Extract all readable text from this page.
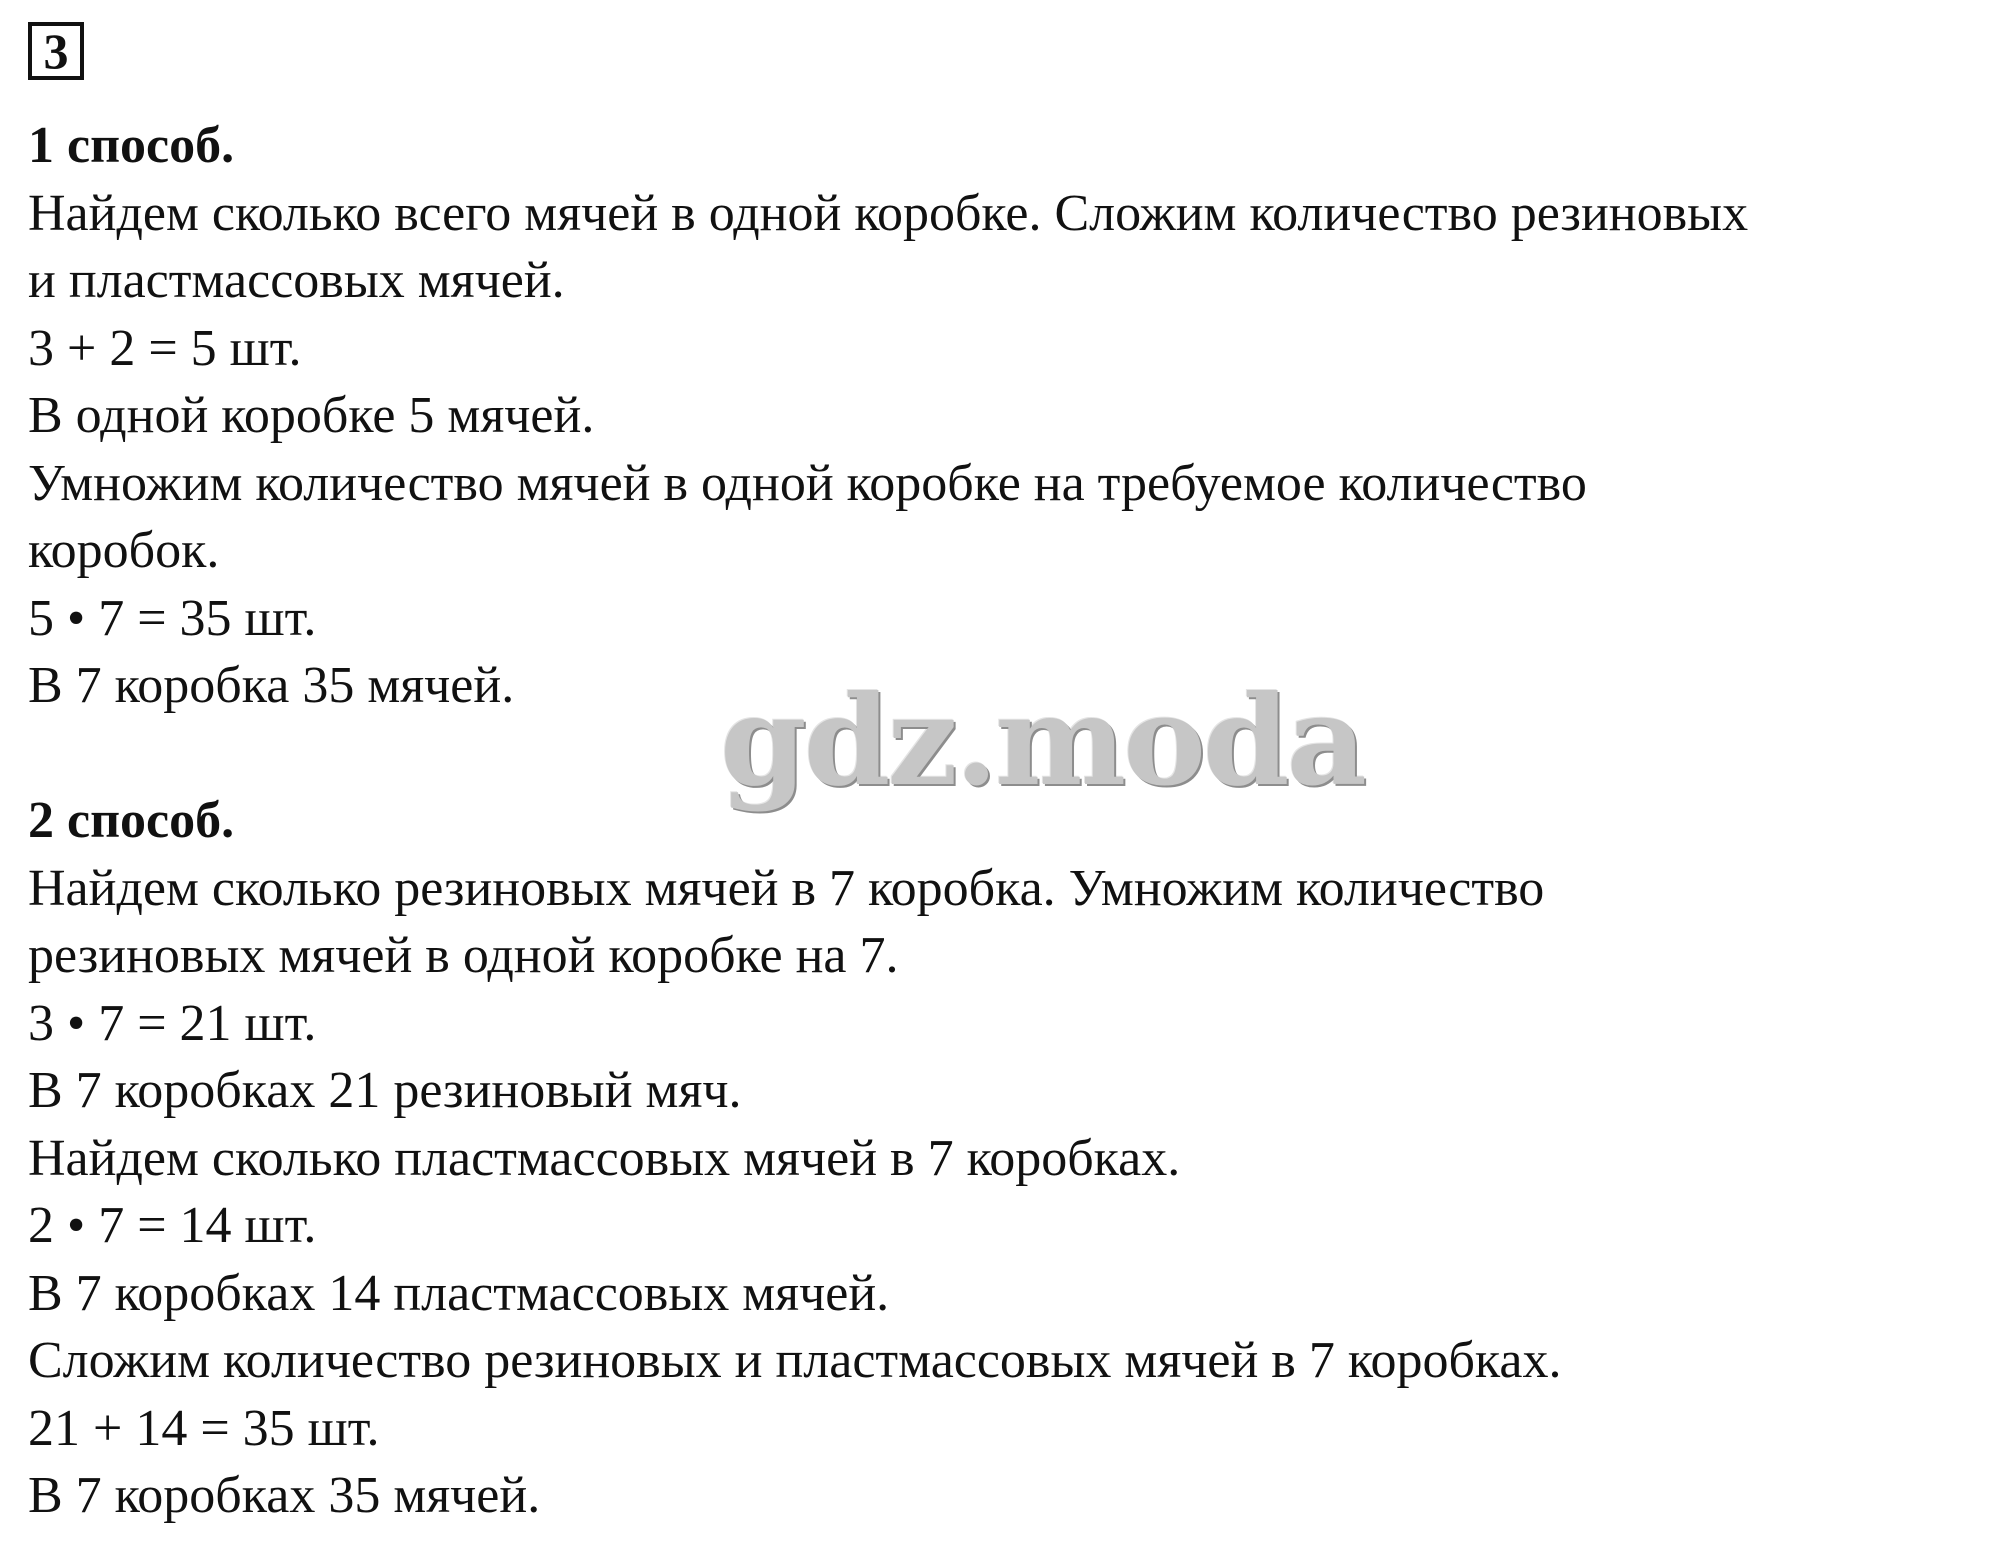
3
1 способ.
Найдем сколько всего мячей в одной коробке. Сложим количество резиновых
и пластмассовых мячей.
3 + 2 = 5 шт.
В одной коробке 5 мячей.
Умножим количество мячей в одной коробке на требуемое количество
коробок.
5 • 7 = 35 шт.
В 7 коробка 35 мячей.
2 способ.
Найдем сколько резиновых мячей в 7 коробка. Умножим количество
резиновых мячей в одной коробке на 7.
3 • 7 = 21 шт.
В 7 коробках 21 резиновый мяч.
Найдем сколько пластмассовых мячей в 7 коробках.
2 • 7 = 14 шт.
В 7 коробках 14 пластмассовых мячей.
Сложим количество резиновых и пластмассовых мячей в 7 коробках.
21 + 14 = 35 шт.
В 7 коробках 35 мячей.
gdz.moda
